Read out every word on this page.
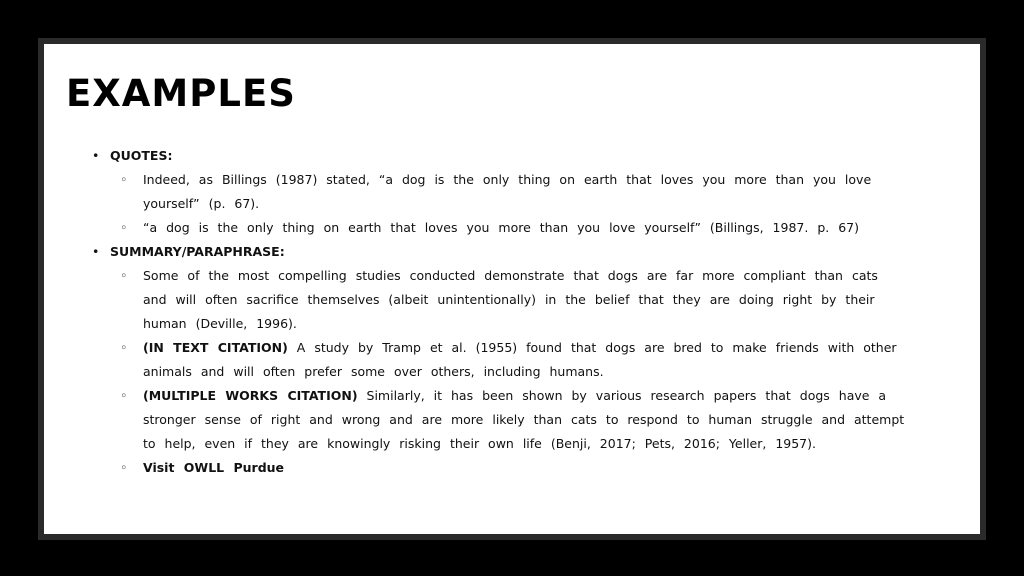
EXAMPLES
• QUOTES:
◦ Indeed, as Billings (1987) stated, “a dog is the only thing on earth that loves you more than you love yourself” (p. 67).
◦ “a dog is the only thing on earth that loves you more than you love yourself” (Billings, 1987. p. 67)
• SUMMARY/PARAPHRASE:
◦ Some of the most compelling studies conducted demonstrate that dogs are far more compliant than cats and will often sacrifice themselves (albeit unintentionally) in the belief that they are doing right by their human (Deville, 1996).
◦ (IN TEXT CITATION) A study by Tramp et al. (1955) found that dogs are bred to make friends with other animals and will often prefer some over others, including humans.
◦ (MULTIPLE WORKS CITATION) Similarly, it has been shown by various research papers that dogs have a stronger sense of right and wrong and are more likely than cats to respond to human struggle and attempt to help, even if they are knowingly risking their own life (Benji, 2017; Pets, 2016; Yeller, 1957).
◦ Visit OWLL Purdue
